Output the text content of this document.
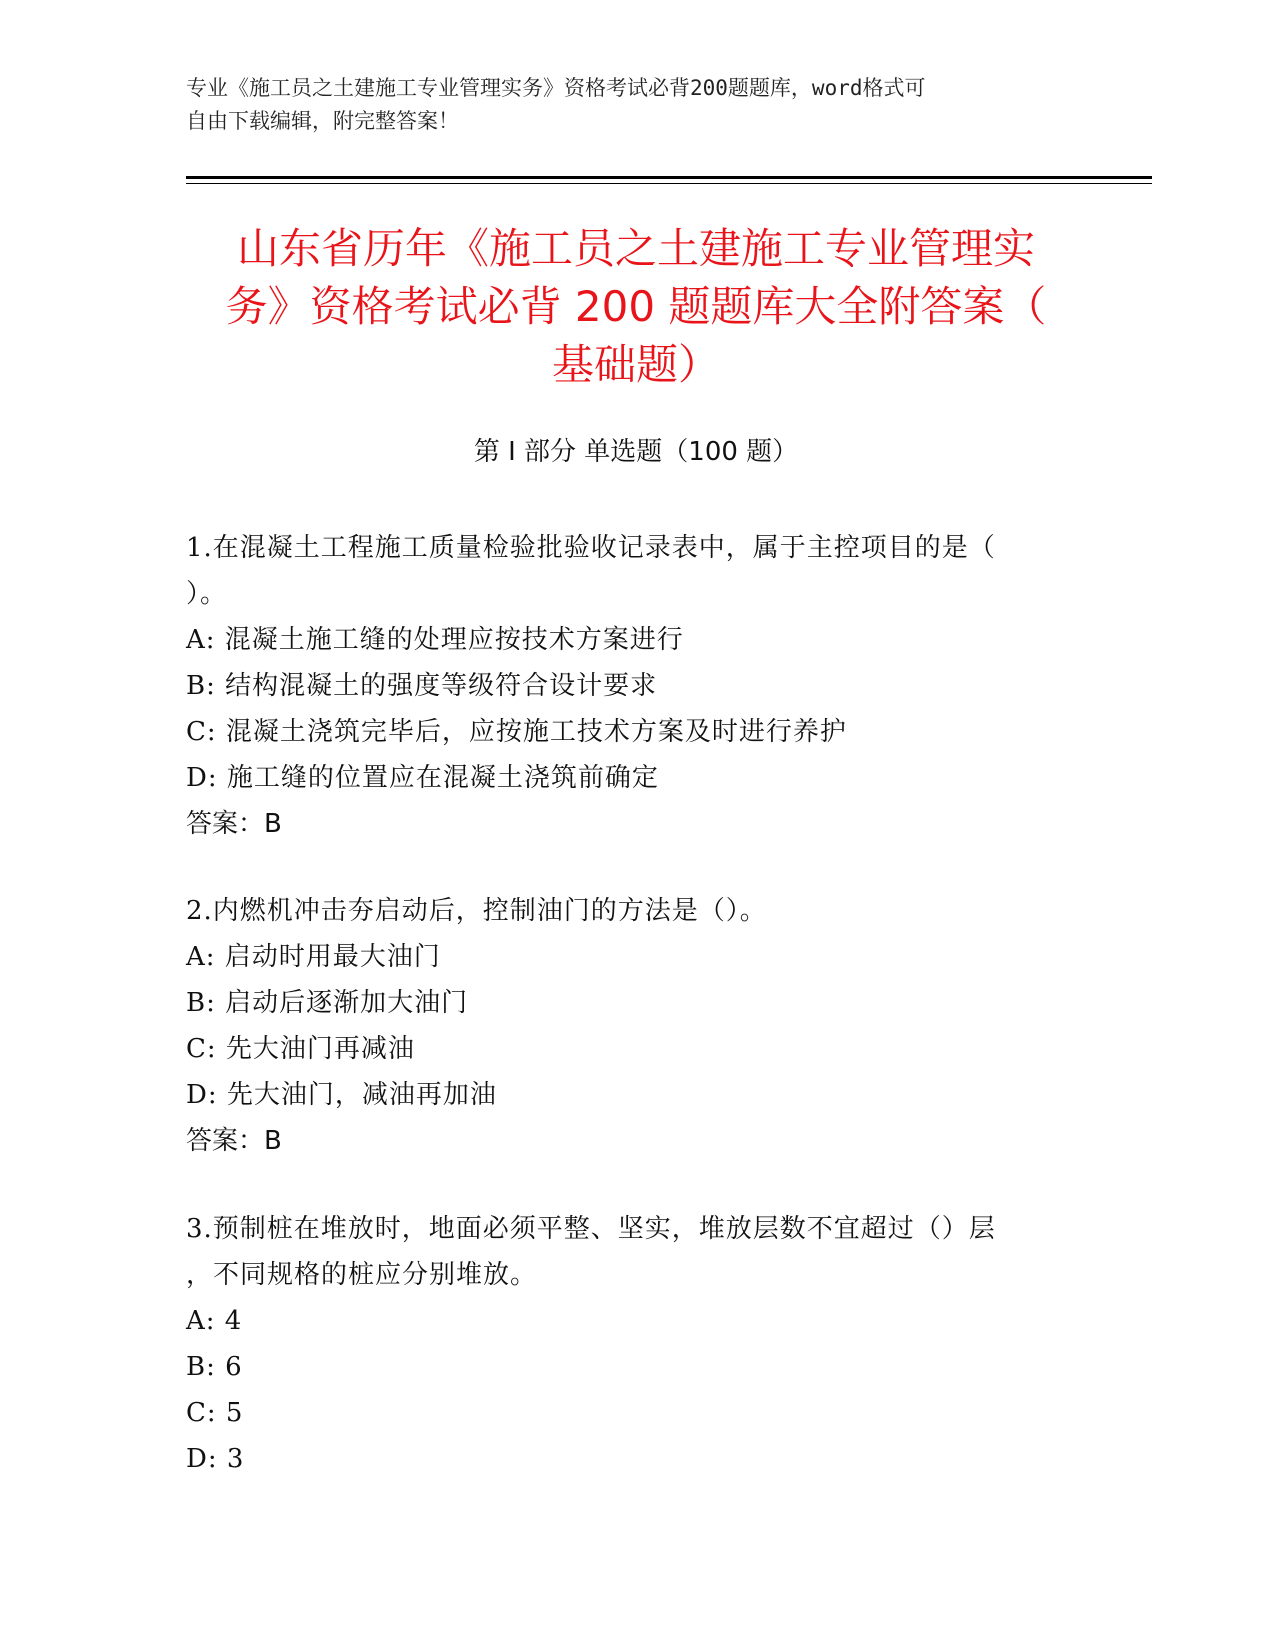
专业《施工员之土建施工专业管理实务》资格考试必背200题题库，word格式可
自由下载编辑，附完整答案！
山东省历年《施工员之土建施工专业管理实
务》资格考试必背 200 题题库大全附答案（
基础题）
第 I 部分 单选题（100 题）
1.在混凝土工程施工质量检验批验收记录表中，属于主控项目的是（
）。
A: 混凝土施工缝的处理应按技术方案进行
B: 结构混凝土的强度等级符合设计要求
C: 混凝土浇筑完毕后，应按施工技术方案及时进行养护
D: 施工缝的位置应在混凝土浇筑前确定
答案：B
2.内燃机冲击夯启动后，控制油门的方法是（）。
A: 启动时用最大油门
B: 启动后逐渐加大油门
C: 先大油门再减油
D: 先大油门，减油再加油
答案：B
3.预制桩在堆放时，地面必须平整、坚实，堆放层数不宜超过（）层
，不同规格的桩应分别堆放。
A: 4
B: 6
C: 5
D: 3
